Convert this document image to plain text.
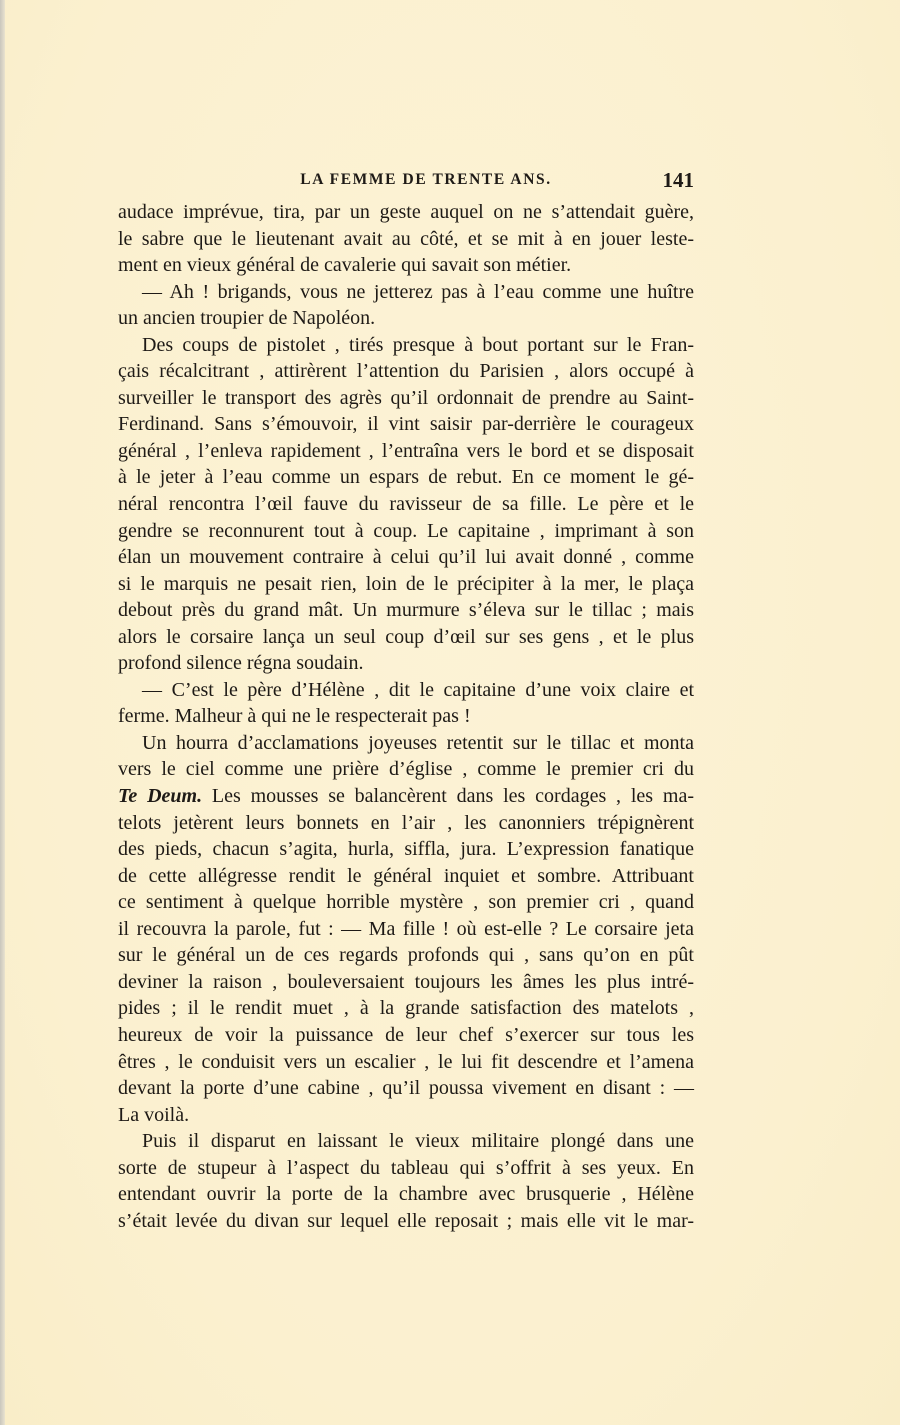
LA FEMME DE TRENTE ANS.	141
audace imprévue, tira, par un geste auquel on ne s’attendait guère,
le sabre que le lieutenant avait au côté, et se mit à en jouer leste-
ment en vieux général de cavalerie qui savait son métier.
— Ah ! brigands, vous ne jetterez pas à l’eau comme une huître
un ancien troupier de Napoléon.
Des coups de pistolet , tirés presque à bout portant sur le Fran-
çais récalcitrant , attirèrent l’attention du Parisien , alors occupé à
surveiller le transport des agrès qu’il ordonnait de prendre au Saint-
Ferdinand. Sans s’émouvoir, il vint saisir par-derrière le courageux
général , l’enleva rapidement , l’entraîna vers le bord et se disposait
à le jeter à l’eau comme un espars de rebut. En ce moment le gé-
néral rencontra l’œil fauve du ravisseur de sa fille. Le père et le
gendre se reconnurent tout à coup. Le capitaine , imprimant à son
élan un mouvement contraire à celui qu’il lui avait donné , comme
si le marquis ne pesait rien, loin de le précipiter à la mer, le plaça
debout près du grand mât. Un murmure s’éleva sur le tillac ; mais
alors le corsaire lança un seul coup d’œil sur ses gens , et le plus
profond silence régna soudain.
— C’est le père d’Hélène , dit le capitaine d’une voix claire et
ferme. Malheur à qui ne le respecterait pas !
Un hourra d’acclamations joyeuses retentit sur le tillac et monta
vers le ciel comme une prière d’église , comme le premier cri du
Te Deum. Les mousses se balancèrent dans les cordages , les ma-
telots jetèrent leurs bonnets en l’air , les canonniers trépignèrent
des pieds, chacun s’agita, hurla, siffla, jura. L’expression fanatique
de cette allégresse rendit le général inquiet et sombre. Attribuant
ce sentiment à quelque horrible mystère , son premier cri , quand
il recouvra la parole, fut : — Ma fille ! où est-elle ? Le corsaire jeta
sur le général un de ces regards profonds qui , sans qu’on en pût
deviner la raison , bouleversaient toujours les âmes les plus intré-
pides ; il le rendit muet , à la grande satisfaction des matelots ,
heureux de voir la puissance de leur chef s’exercer sur tous les
êtres , le conduisit vers un escalier , le lui fit descendre et l’amena
devant la porte d’une cabine , qu’il poussa vivement en disant : —
La voilà.
Puis il disparut en laissant le vieux militaire plongé dans une
sorte de stupeur à l’aspect du tableau qui s’offrit à ses yeux. En
entendant ouvrir la porte de la chambre avec brusquerie , Hélène
s’était levée du divan sur lequel elle reposait ; mais elle vit le mar-
